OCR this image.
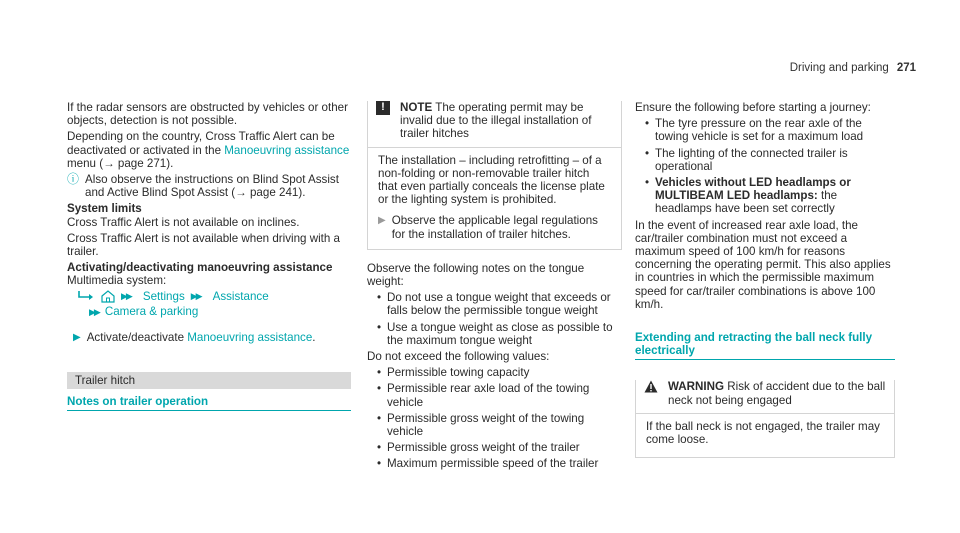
Driving and parking 271

If the radar sensors are obstructed by vehicles or other objects, detection is not possible.

Depending on the country, Cross Traffic Alert can be deactivated or activated in the Manoeuvring assistance menu (→ page 271).

ⓘ Also observe the instructions on Blind Spot Assist and Active Blind Spot Assist (→ page 241).
System limits

Cross Traffic Alert is not available on inclines.

Cross Traffic Alert is not available when driving with a trailer.

Activating/deactivating manoeuvring assistance
Multimedia system:
▶▶ Settings ▶▶ Assistance
▶▶ Camera & parking
▶ Activate/deactivate Manoeuvring assistance.
Trailer hitch
Notes on trailer operation
!	NOTE The operating permit may be invalid due to the illegal installation of trailer hitches

The installation – including retrofitting – of a non-folding or non-removable trailer hitch that even partially conceals the license plate or the lighting system is prohibited.

▶ Observe the applicable legal regulations for the installation of trailer hitches.

Observe the following notes on the tongue weight:

• Do not use a tongue weight that exceeds or falls below the permissible tongue weight
• Use a tongue weight as close as possible to the maximum tongue weight

Do not exceed the following values:

• Permissible towing capacity
• Permissible rear axle load of the towing vehicle
• Permissible gross weight of the towing vehicle
• Permissible gross weight of the trailer
• Maximum permissible speed of the trailer

Ensure the following before starting a journey:

• The tyre pressure on the rear axle of the towing vehicle is set for a maximum load
• The lighting of the connected trailer is operational
• Vehicles without LED headlamps or MULTIBEAM LED headlamps: the headlamps have been set correctly

In the event of increased rear axle load, the car/trailer combination must not exceed a maximum speed of 100 km/h for reasons concerning the operating permit. This also applies in countries in which the permissible maximum speed for car/trailer combinations is above 100 km/h.

Extending and retracting the ball neck fully electrically
WARNING Risk of accident due to the ball neck not being engaged

If the ball neck is not engaged, the trailer may come loose.
